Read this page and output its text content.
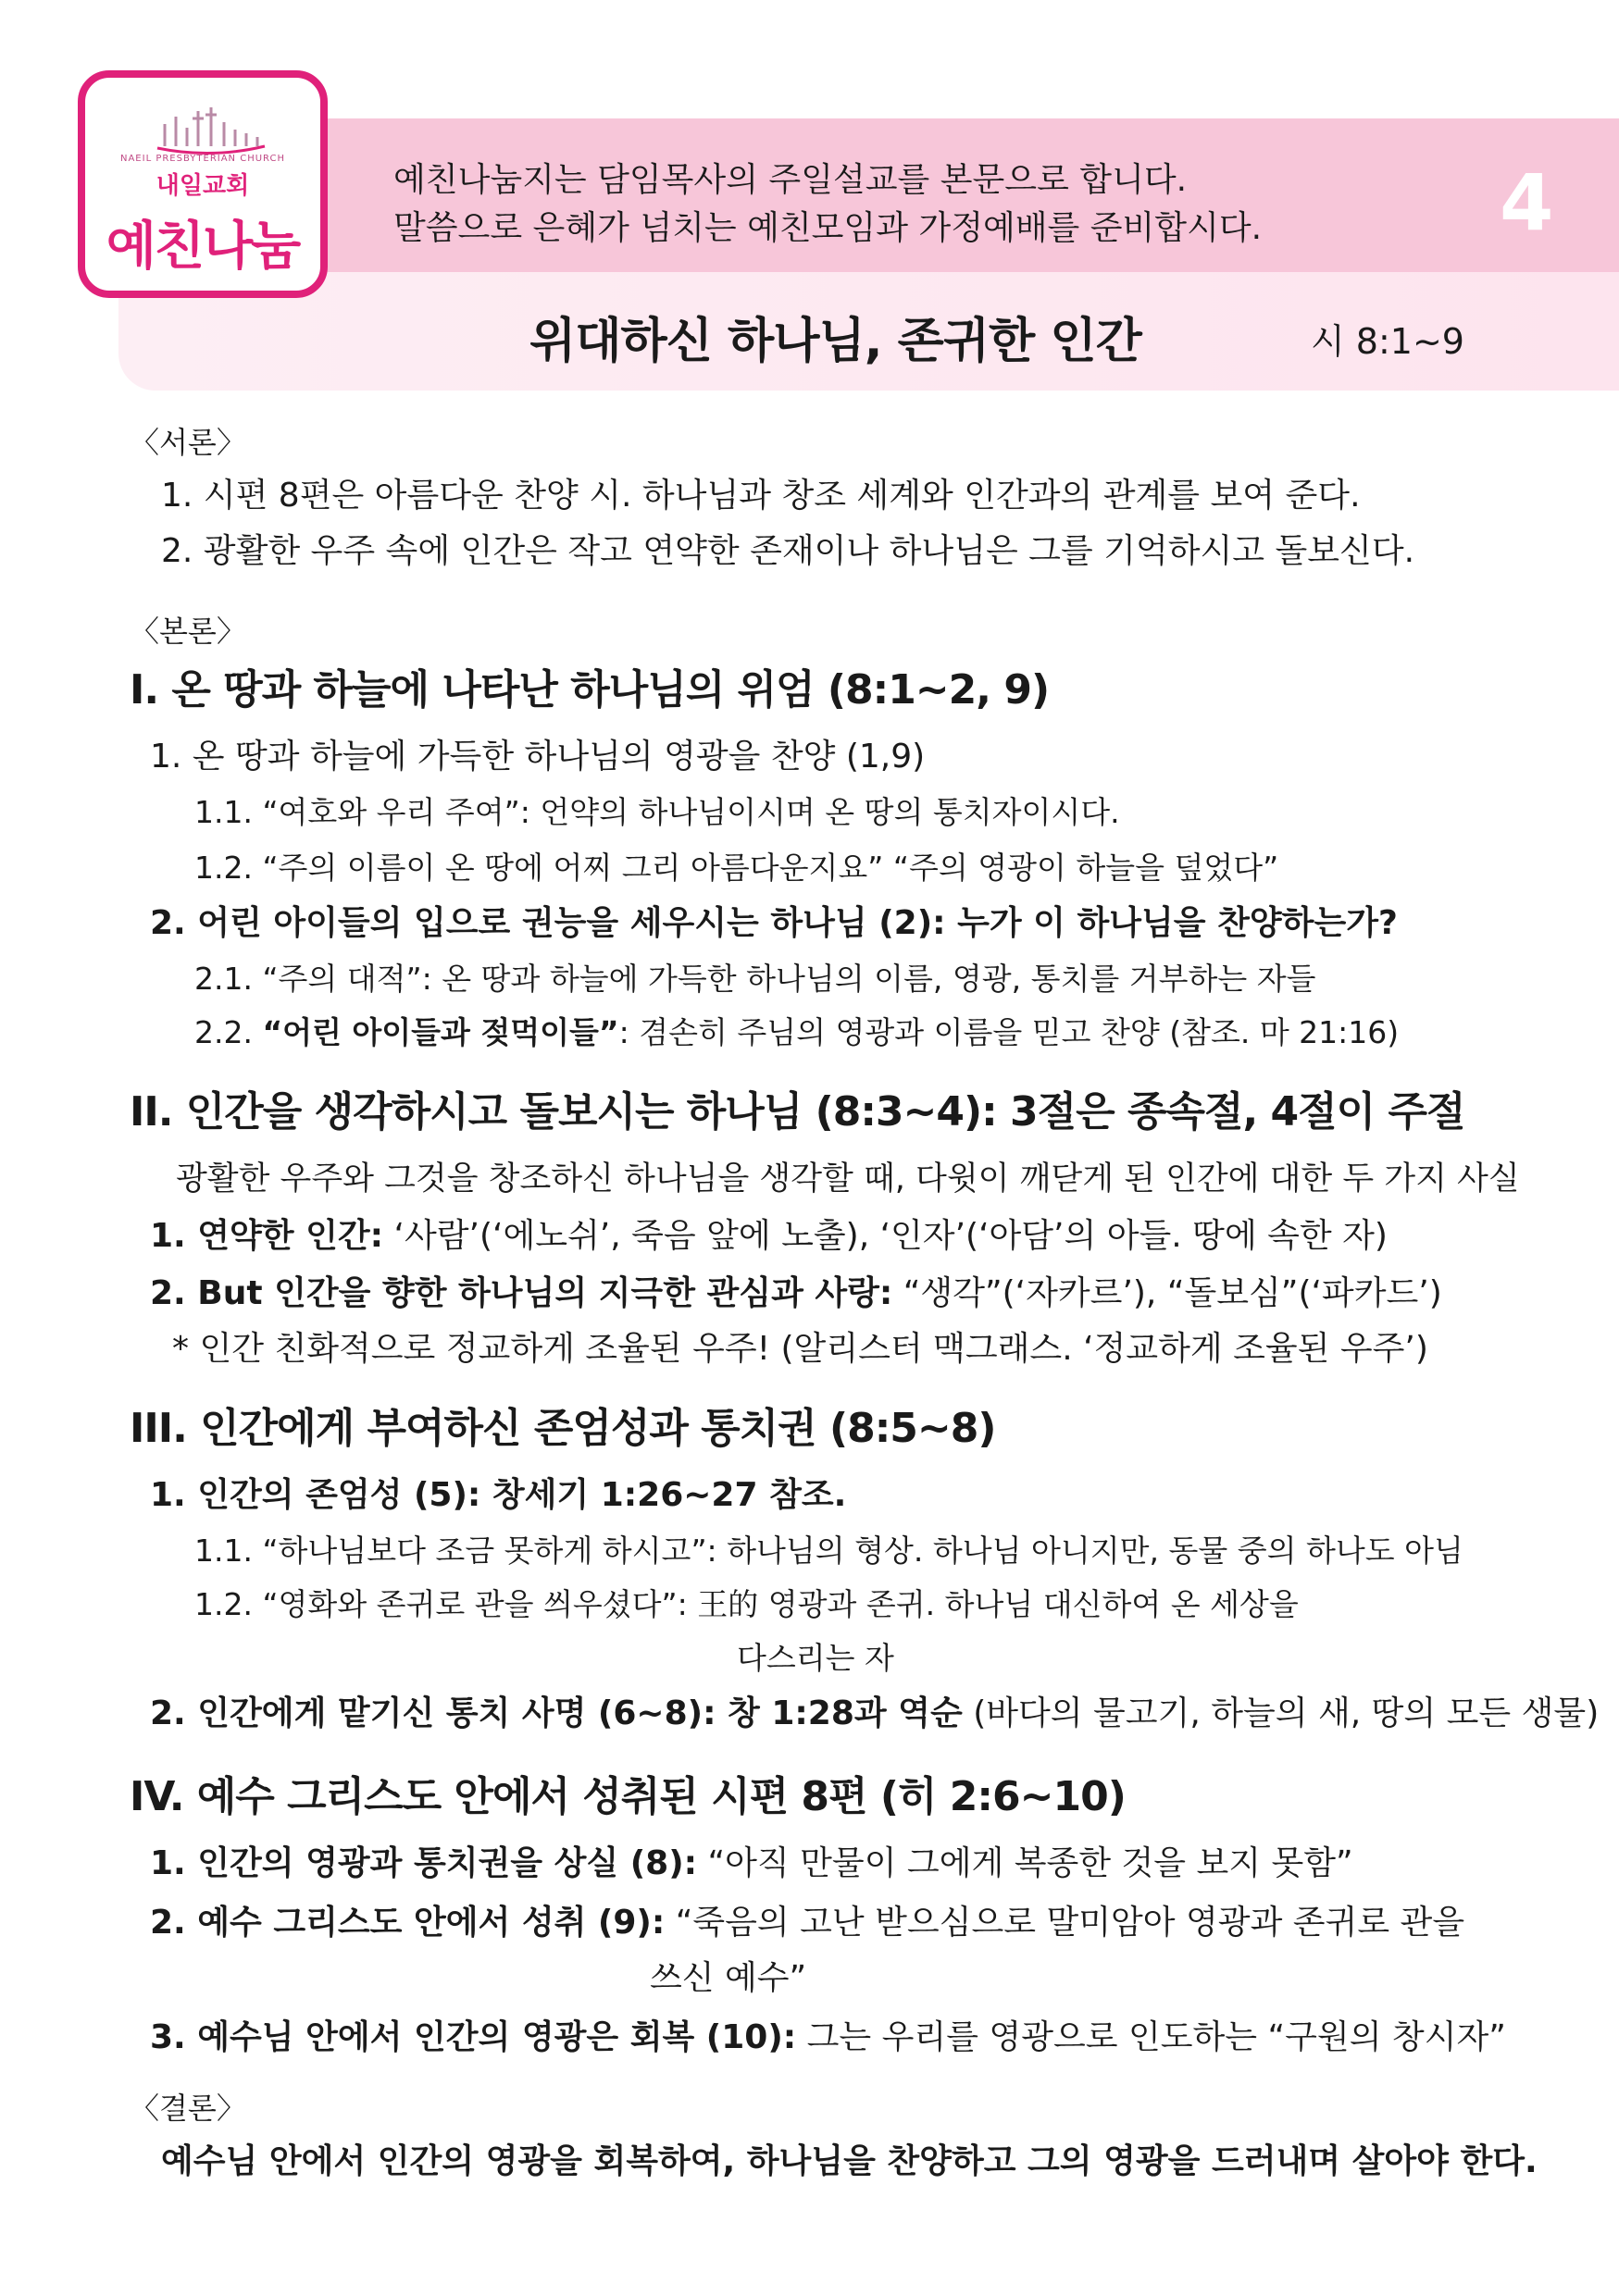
NAEIL PRESBYTERIAN CHURCH
내일교회
예친나눔
예친나눔지는 담임목사의 주일설교를 본문으로 합니다.
말씀으로 은혜가 넘치는 예친모임과 가정예배를 준비합시다.	4
위대하신 하나님, 존귀한 인간	시 8:1~9
〈서론〉
1. 시편 8편은 아름다운 찬양 시. 하나님과 창조 세계와 인간과의 관계를 보여 준다.
2. 광활한 우주 속에 인간은 작고 연약한 존재이나 하나님은 그를 기억하시고 돌보신다.
〈본론〉
I. 온 땅과 하늘에 나타난 하나님의 위엄 (8:1~2, 9)
1. 온 땅과 하늘에 가득한 하나님의 영광을 찬양 (1,9)
1.1. “여호와 우리 주여”: 언약의 하나님이시며 온 땅의 통치자이시다.
1.2. “주의 이름이 온 땅에 어찌 그리 아름다운지요” “주의 영광이 하늘을 덮었다”
2. 어린 아이들의 입으로 권능을 세우시는 하나님 (2): 누가 이 하나님을 찬양하는가?
2.1. “주의 대적”: 온 땅과 하늘에 가득한 하나님의 이름, 영광, 통치를 거부하는 자들
2.2. “어린 아이들과 젖먹이들”: 겸손히 주님의 영광과 이름을 믿고 찬양 (참조. 마 21:16)
II. 인간을 생각하시고 돌보시는 하나님 (8:3~4): 3절은 종속절, 4절이 주절
광활한 우주와 그것을 창조하신 하나님을 생각할 때, 다윗이 깨닫게 된 인간에 대한 두 가지 사실
1. 연약한 인간: ‘사람’(‘에노쉬’, 죽음 앞에 노출), ‘인자’(‘아담’의 아들. 땅에 속한 자)
2. But 인간을 향한 하나님의 지극한 관심과 사랑: “생각”(‘자카르’), “돌보심”(‘파카드’)
* 인간 친화적으로 정교하게 조율된 우주! (알리스터 맥그래스. ‘정교하게 조율된 우주’)
III. 인간에게 부여하신 존엄성과 통치권 (8:5~8)
1. 인간의 존엄성 (5): 창세기 1:26~27 참조.
1.1. “하나님보다 조금 못하게 하시고”: 하나님의 형상. 하나님 아니지만, 동물 중의 하나도 아님
1.2. “영화와 존귀로 관을 씌우셨다”: 王的 영광과 존귀. 하나님 대신하여 온 세상을
다스리는 자
2. 인간에게 맡기신 통치 사명 (6~8): 창 1:28과 역순 (바다의 물고기, 하늘의 새, 땅의 모든 생물)
IV. 예수 그리스도 안에서 성취된 시편 8편 (히 2:6~10)
1. 인간의 영광과 통치권을 상실 (8): “아직 만물이 그에게 복종한 것을 보지 못함”
2. 예수 그리스도 안에서 성취 (9): “죽음의 고난 받으심으로 말미암아 영광과 존귀로 관을
쓰신 예수”
3. 예수님 안에서 인간의 영광은 회복 (10): 그는 우리를 영광으로 인도하는 “구원의 창시자”
〈결론〉
예수님 안에서 인간의 영광을 회복하여, 하나님을 찬양하고 그의 영광을 드러내며 살아야 한다.
